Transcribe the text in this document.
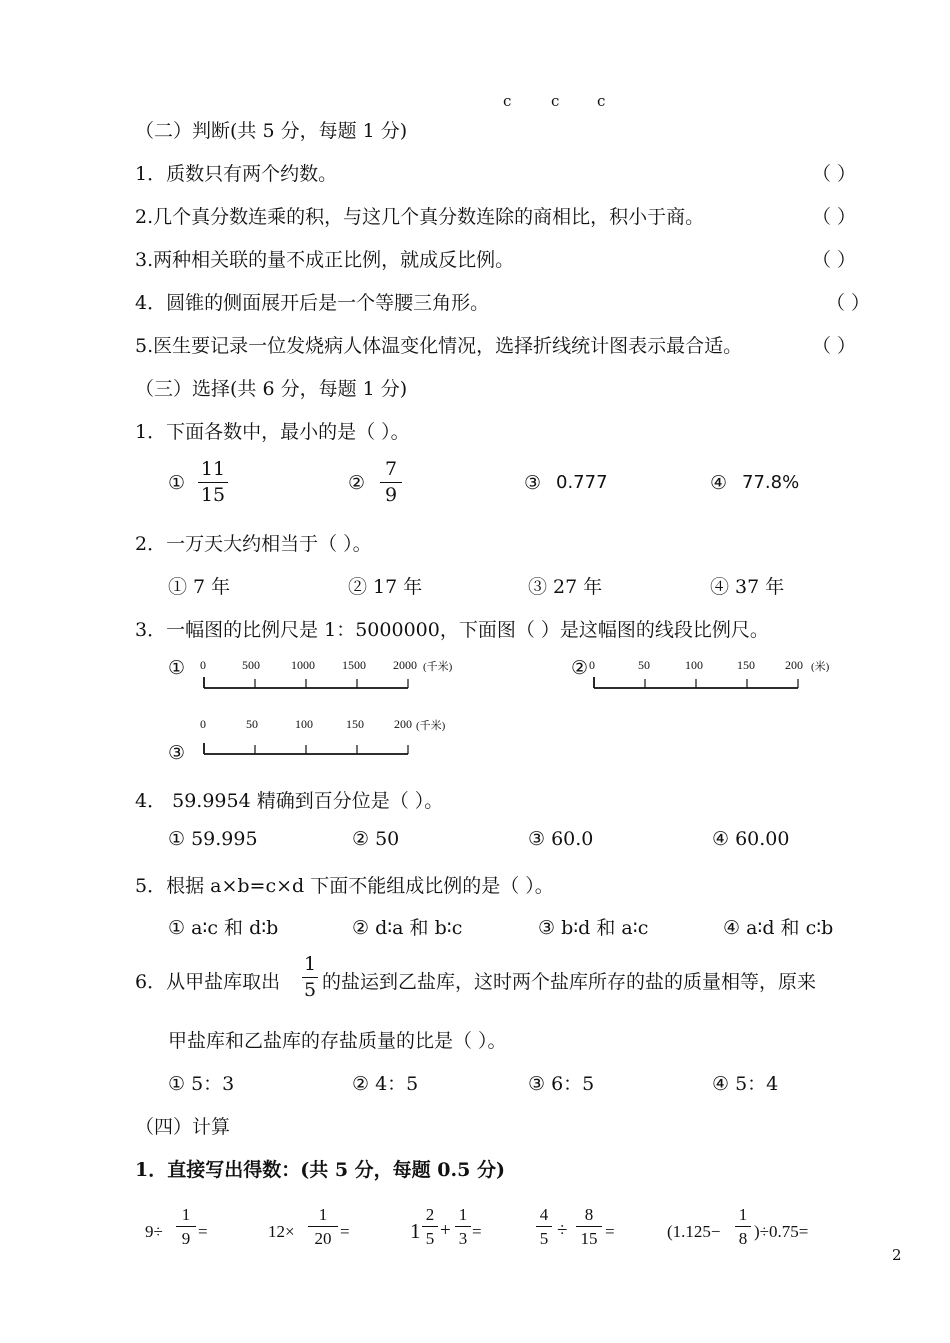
c	c	c
（二）判断(共 5 分，每题 1 分)
1．质数只有两个约数。	（ ）
2.几个真分数连乘的积，与这几个真分数连除的商相比，积小于商。	（ ）
3.两种相关联的量不成正比例，就成反比例。	（ ）
4．圆锥的侧面展开后是一个等腰三角形。	（ ）
5.医生要记录一位发烧病人体温变化情况，选择折线统计图表示最合适。	（ ）
（三）选择(共 6 分，每题 1 分)
1．下面各数中，最小的是（ ）。
①
11
15
②
7
9
③ 0.777	④ 77.8%
2．一万天大约相当于（ ）。
① 7 年	② 17 年	③ 27 年	④ 37 年
3．一幅图的比例尺是 1：5000000，下面图（ ）是这幅图的线段比例尺。
① 0	500	1000 1500 2000 (千米)	② 0	50	100	150	200 (米)
0	50	100	150	200 (千米)
③
4． 59.9954 精确到百分位是（ ）。
① 59.995	② 50	③ 60.0	④ 60.00
5．根据 a×b=c×d 下面不能组成比例的是（ ）。
① a∶c 和 d∶b	② d∶a 和 b∶c	③ b∶d 和 a∶c	④ a∶d 和 c∶b
6．从甲盐库取出
1
5 的盐运到乙盐库，这时两个盐库所存的盐的质量相等，原来
甲盐库和乙盐库的存盐质量的比是（ ）。
① 5：3	② 4：5	③ 6：5	④ 5：4
（四）计算
1．直接写出得数：(共 5 分，每题 0.5 分)
9÷
1
9 =	12×
1
20 =	1
2
5 +
1
3 =
4
5 ÷
8
15 =	(1.125−
1
8 )÷0.75=
2
